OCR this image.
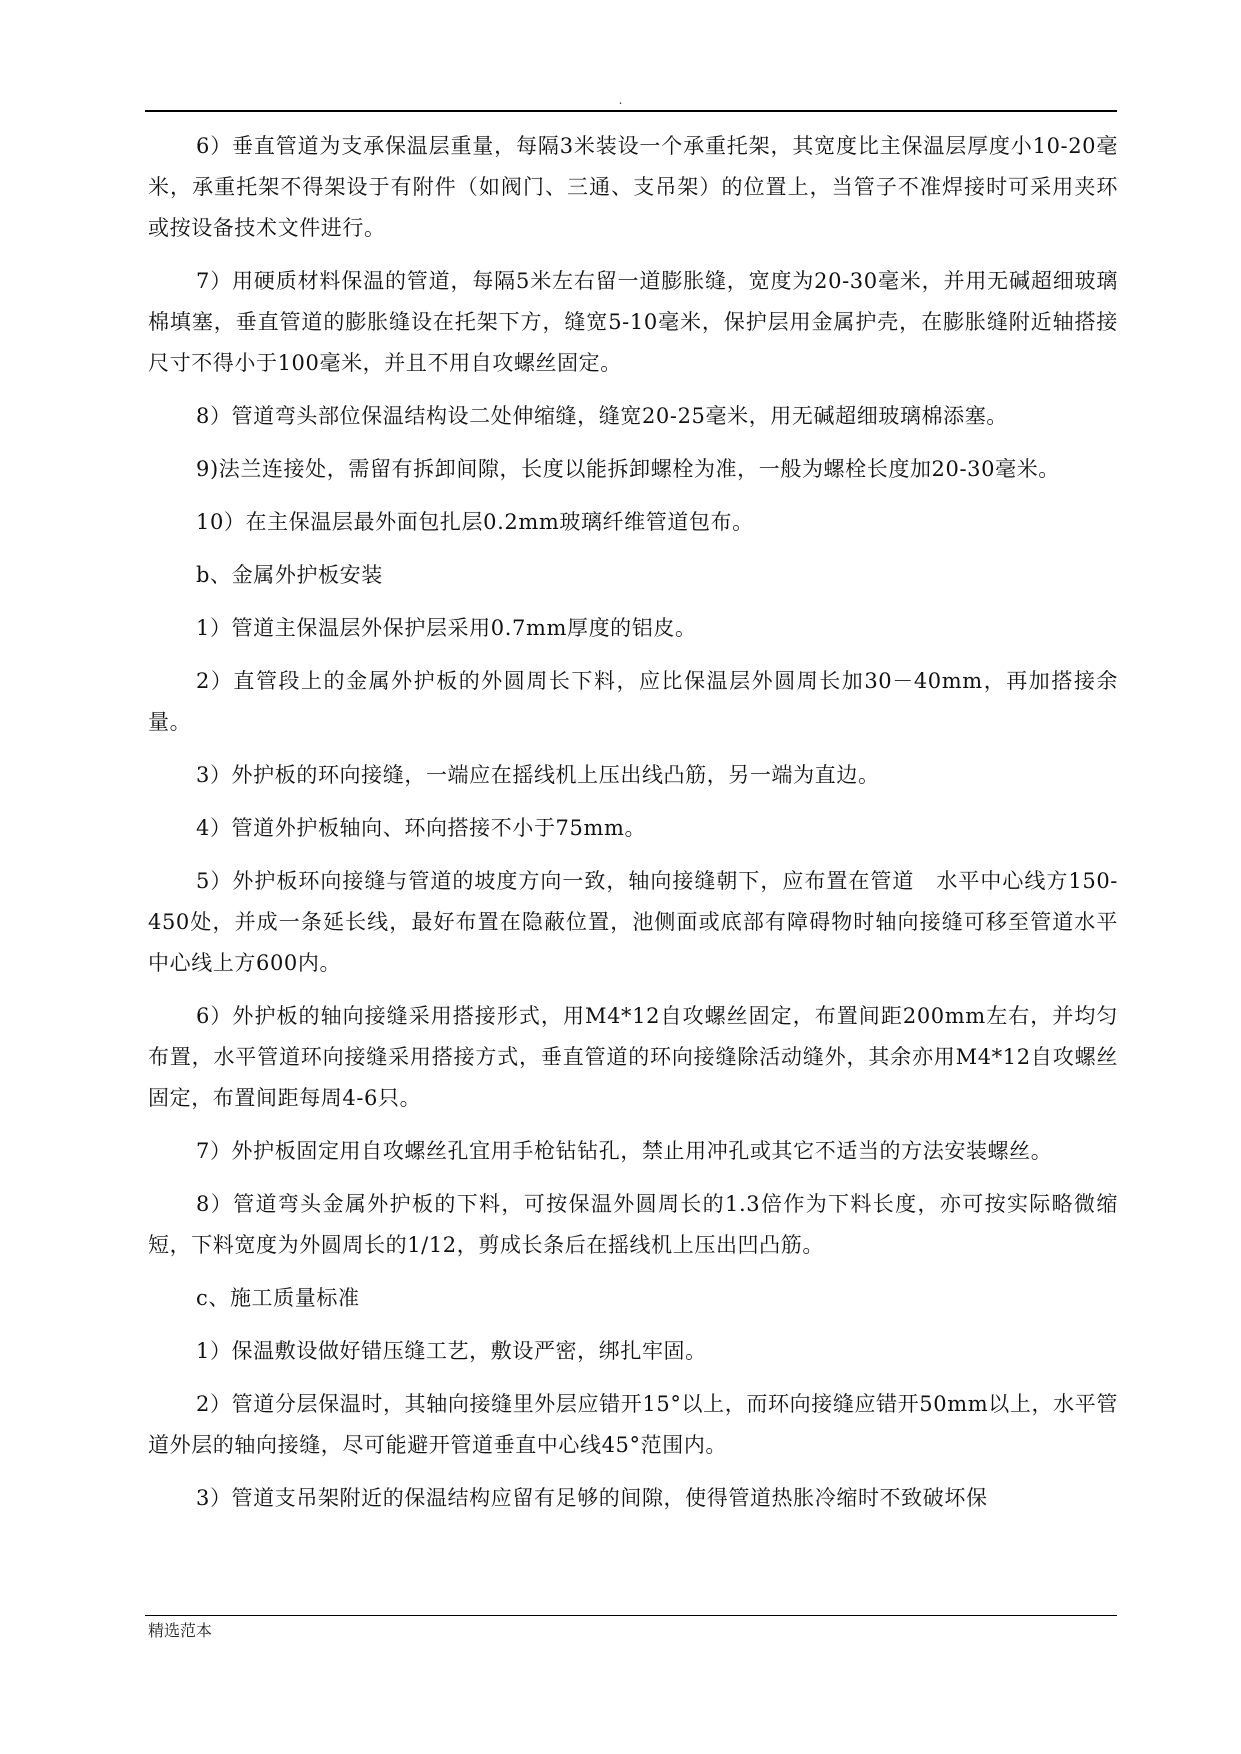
.

6）垂直管道为支承保温层重量，每隔3米装设一个承重托架，其宽度比主保温层厚度小10-20毫米，承重托架不得架设于有附件（如阀门、三通、支吊架）的位置上，当管子不准焊接时可采用夹环或按设备技术文件进行。

7）用硬质材料保温的管道，每隔5米左右留一道膨胀缝，宽度为20-30毫米，并用无碱超细玻璃棉填塞，垂直管道的膨胀缝设在托架下方，缝宽5-10毫米，保护层用金属护壳，在膨胀缝附近轴搭接尺寸不得小于100毫米，并且不用自攻螺丝固定。

8）管道弯头部位保温结构设二处伸缩缝，缝宽20-25毫米，用无碱超细玻璃棉添塞。

9)法兰连接处，需留有拆卸间隙，长度以能拆卸螺栓为准，一般为螺栓长度加20-30毫米。

10）在主保温层最外面包扎层0.2mm玻璃纤维管道包布。

b、金属外护板安装

1）管道主保温层外保护层采用0.7mm厚度的铝皮。

2）直管段上的金属外护板的外圆周长下料，应比保温层外圆周长加30－40mm，再加搭接余量。

3）外护板的环向接缝，一端应在摇线机上压出线凸筋，另一端为直边。

4）管道外护板轴向、环向搭接不小于75mm。

5）外护板环向接缝与管道的坡度方向一致，轴向接缝朝下，应布置在管道　水平中心线方150-450处，并成一条延长线，最好布置在隐蔽位置，池侧面或底部有障碍物时轴向接缝可移至管道水平中心线上方600内。

6）外护板的轴向接缝采用搭接形式，用M4*12自攻螺丝固定，布置间距200mm左右，并均匀布置，水平管道环向接缝采用搭接方式，垂直管道的环向接缝除活动缝外，其余亦用M4*12自攻螺丝固定，布置间距每周4-6只。

7）外护板固定用自攻螺丝孔宜用手枪钻钻孔，禁止用冲孔或其它不适当的方法安装螺丝。

8）管道弯头金属外护板的下料，可按保温外圆周长的1.3倍作为下料长度，亦可按实际略微缩短，下料宽度为外圆周长的1/12，剪成长条后在摇线机上压出凹凸筋。

c、施工质量标准

1）保温敷设做好错压缝工艺，敷设严密，绑扎牢固。

2）管道分层保温时，其轴向接缝里外层应错开15°以上，而环向接缝应错开50mm以上，水平管道外层的轴向接缝，尽可能避开管道垂直中心线45°范围内。

3）管道支吊架附近的保温结构应留有足够的间隙，使得管道热胀冷缩时不致破坏保

精选范本
